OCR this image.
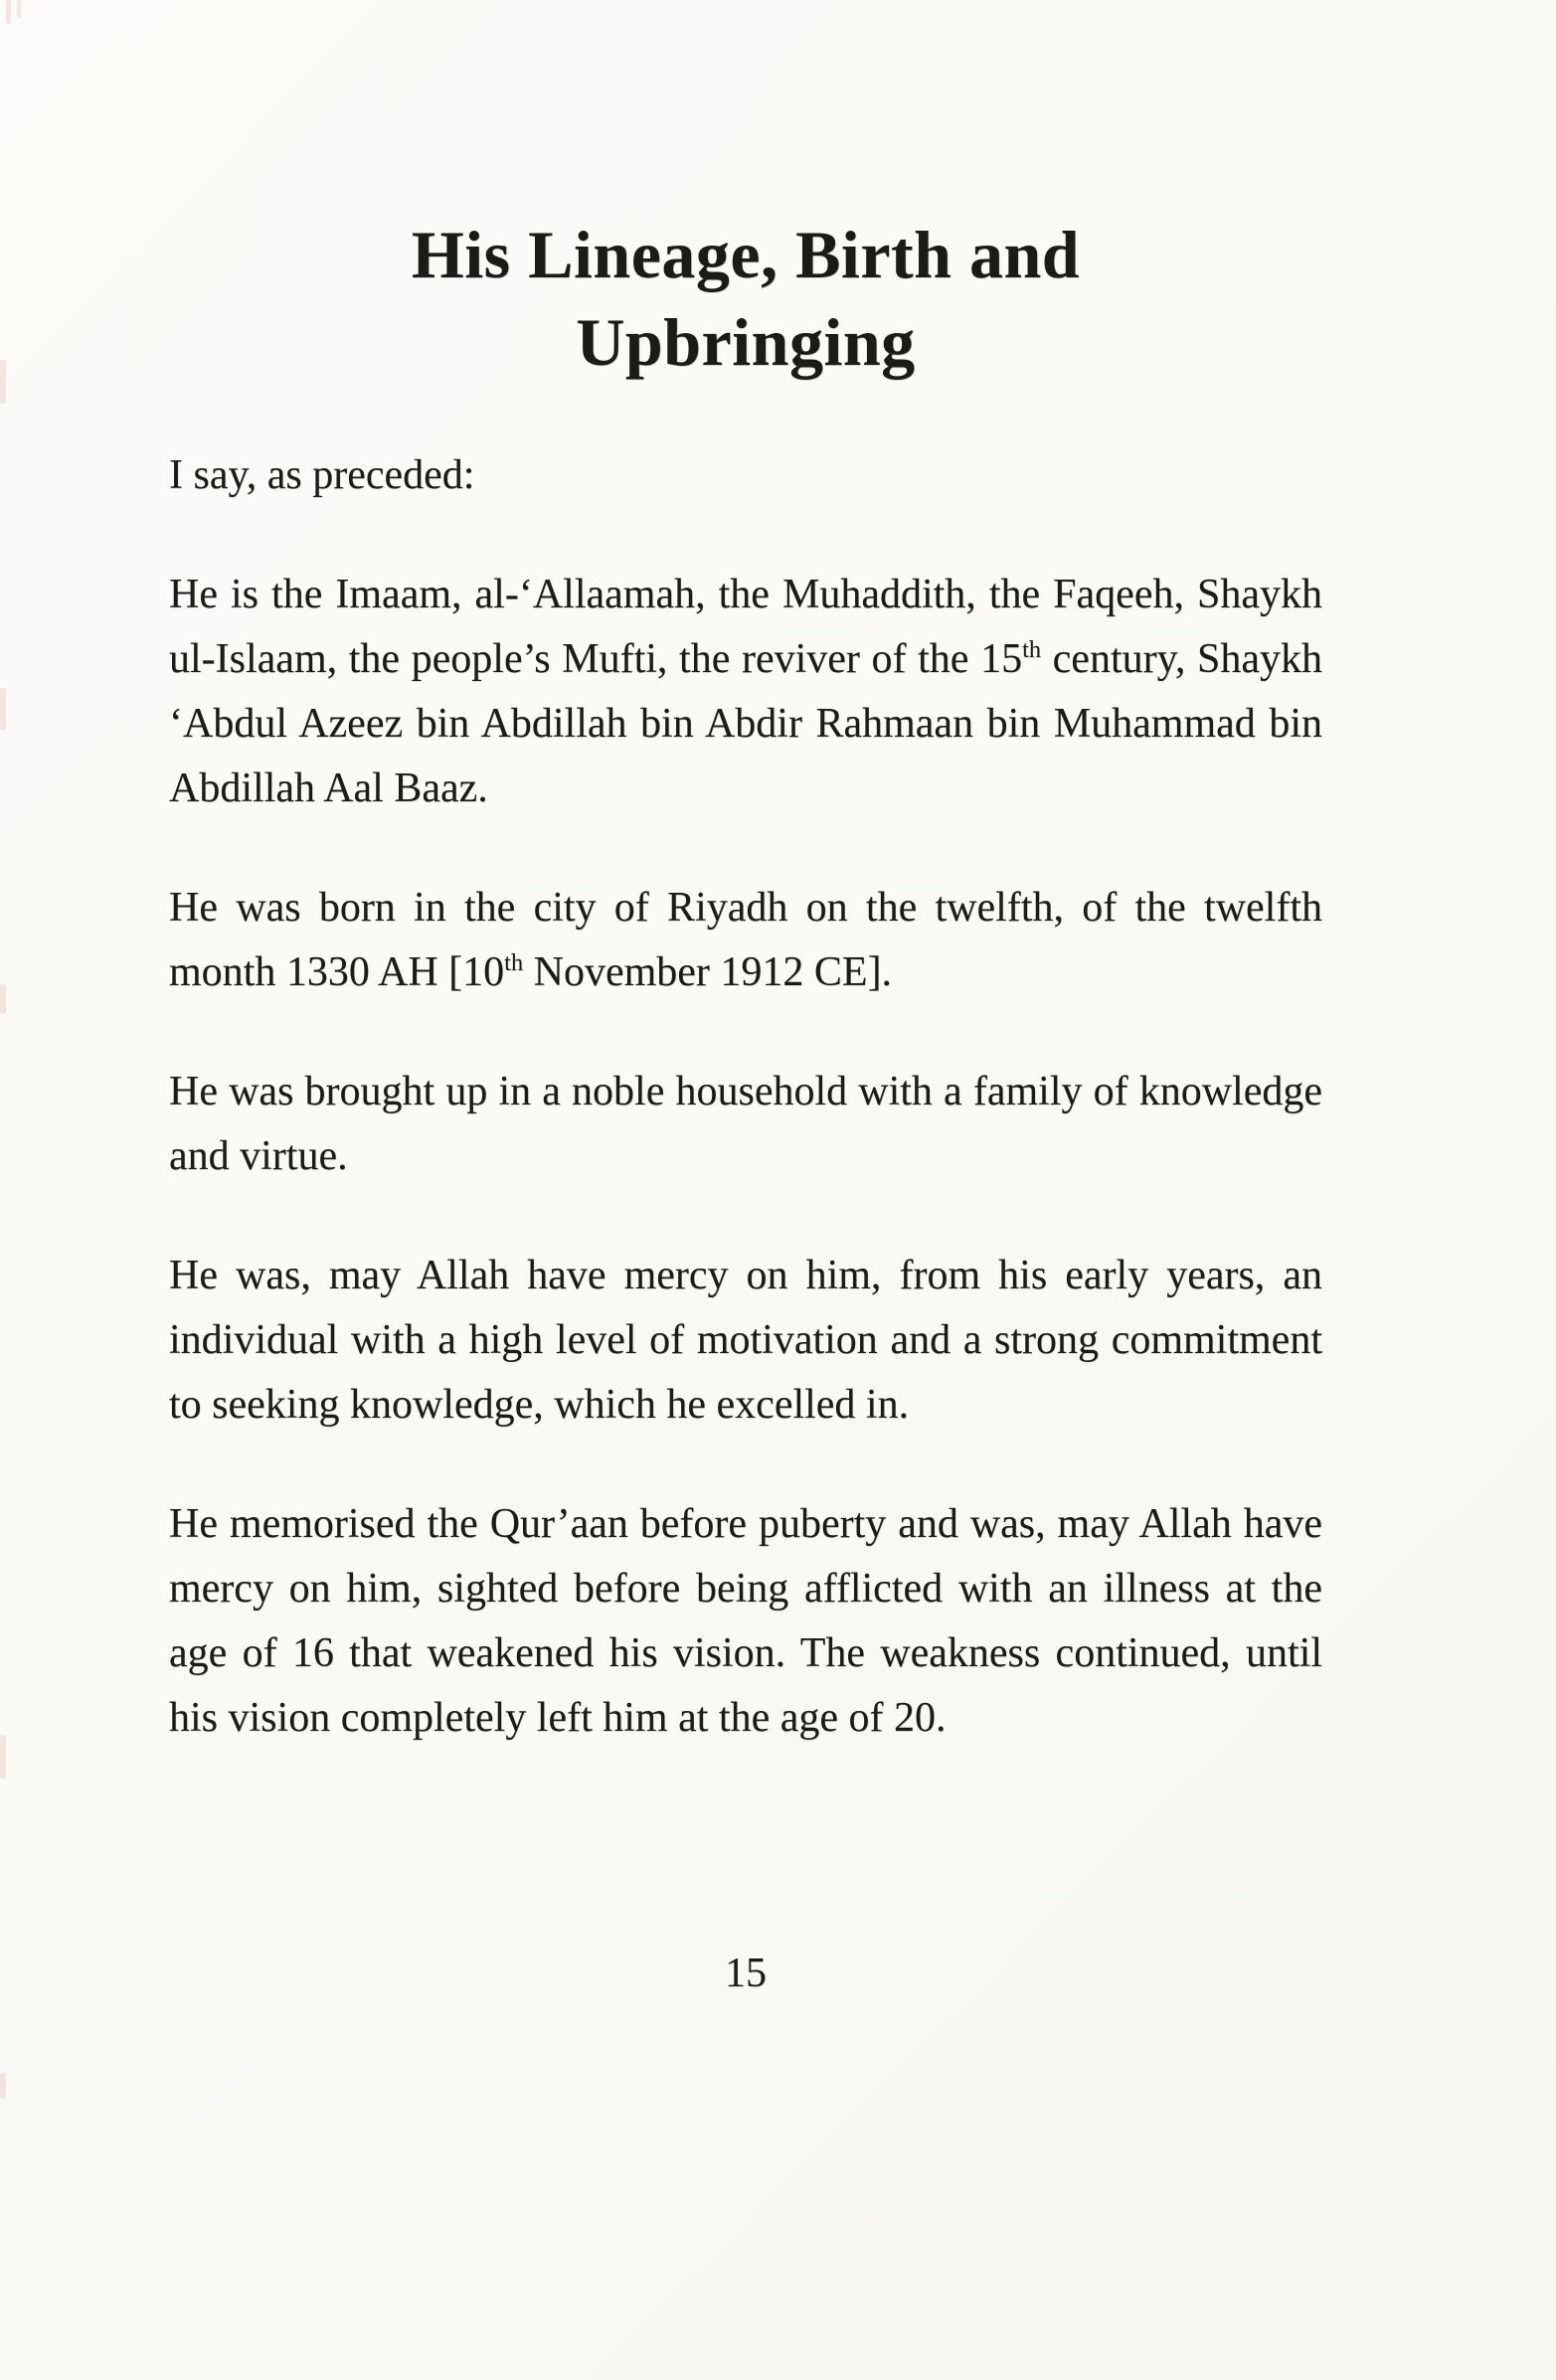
His Lineage, Birth and
Upbringing

I say, as preceded:

He is the Imaam, al-‘Allaamah, the Muhaddith, the Faqeeh, Shaykh ul-Islaam, the people’s Mufti, the reviver of the 15th century, Shaykh ‘Abdul Azeez bin Abdillah bin Abdir Rahmaan bin Muhammad bin Abdillah Aal Baaz.

He was born in the city of Riyadh on the twelfth, of the twelfth month 1330 AH [10th November 1912 CE].

He was brought up in a noble household with a family of knowledge and virtue.

He was, may Allah have mercy on him, from his early years, an individual with a high level of motivation and a strong commitment to seeking knowledge, which he excelled in.

He memorised the Qur’aan before puberty and was, may Allah have mercy on him, sighted before being afflicted with an illness at the age of 16 that weakened his vision. The weakness continued, until his vision completely left him at the age of 20.

15
